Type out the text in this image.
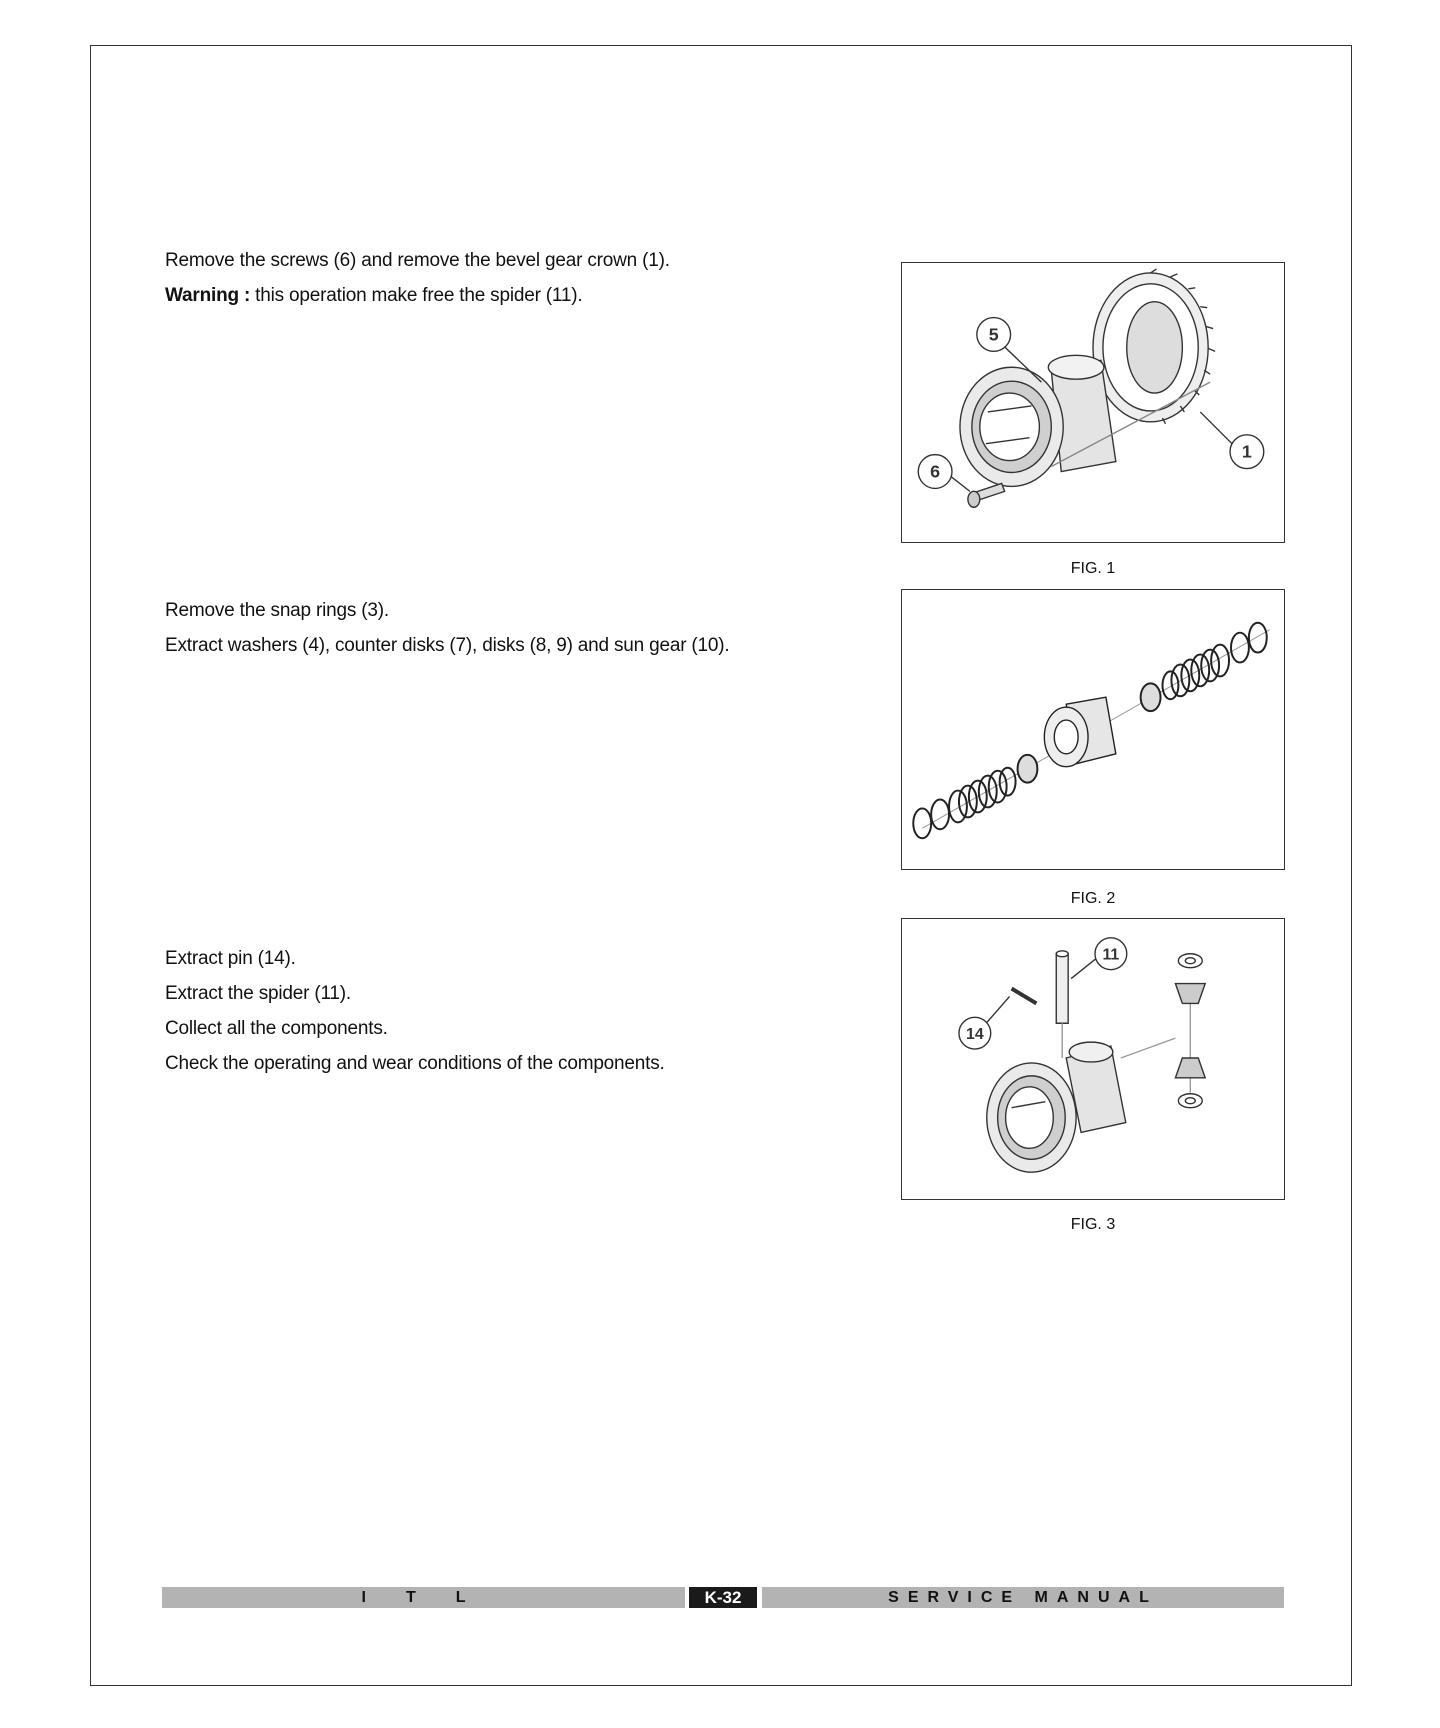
Remove the screws (6) and remove the bevel gear crown (1).

Warning : this operation make free the spider (11).

5
1
6
FIG. 1

Remove the snap rings (3).

Extract washers (4), counter disks (7), disks (8, 9) and sun gear (10).

FIG. 2

Extract pin (14).

Extract the spider (11).

Collect all the components.

Check the operating and wear conditions of the components.

11
14
FIG. 3
ITL	K-32	SERVICE MANUAL
